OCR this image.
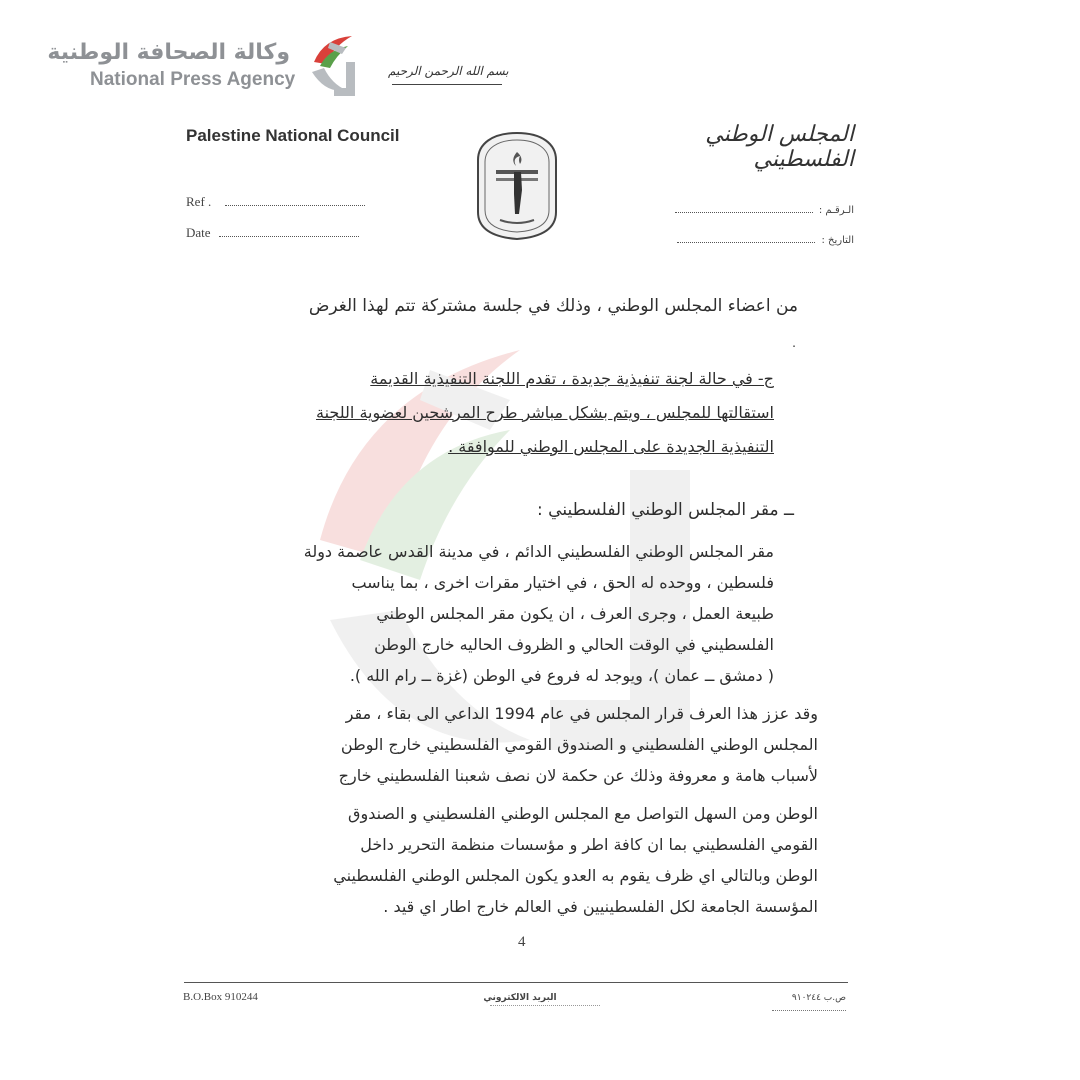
وكالة الصحافة الوطنية
National Press Agency	بسم الله الرحمن الرحيم
Palestine National Council	المجلس الوطني الفلسطيني
Ref .
Date
الـرقـم :
التاريخ :
من اعضاء المجلس الوطني ، وذلك في جلسة مشتركة تتم لهذا الغرض
.
ج- في حالة لجنة تنفيذية جديدة ، تقدم اللجنة التنفيذية القديمة
استقالتها للمجلس ، ويتم بشكل مباشر طرح المرشحين لعضوية اللجنة
التنفيذية الجديدة على المجلس الوطني للموافقة .
ــ مقر المجلس الوطني الفلسطيني :
مقر المجلس الوطني الفلسطيني الدائم ، في مدينة القدس عاصمة دولة
فلسطين ، ووحده له الحق ، في اختيار مقرات اخرى ، بما يناسب
طبيعة العمل ، وجرى العرف ، ان يكون مقر المجلس الوطني
الفلسطيني في الوقت الحالي و الظروف الحاليه خارج الوطن
( دمشق ــ عمان )، ويوجد له فروع في الوطن (غزة ــ رام الله ).
وقد عزز هذا العرف قرار المجلس في عام 1994 الداعي الى بقاء ، مقر
المجلس الوطني الفلسطيني و الصندوق القومي الفلسطيني خارج الوطن
لأسباب هامة و معروفة وذلك عن حكمة لان نصف شعبنا الفلسطيني خارج
الوطن ومن السهل التواصل مع المجلس الوطني الفلسطيني و الصندوق
القومي الفلسطيني بما ان كافة اطر و مؤسسات منظمة التحرير داخل
الوطن وبالتالي اي ظرف يقوم به العدو يكون المجلس الوطني الفلسطيني
المؤسسة الجامعة لكل الفلسطينيين في العالم خارج اطار اي قيد .
4
B.O.Box 910244	البريد الالكتروني	ص.ب ٩١٠٢٤٤
